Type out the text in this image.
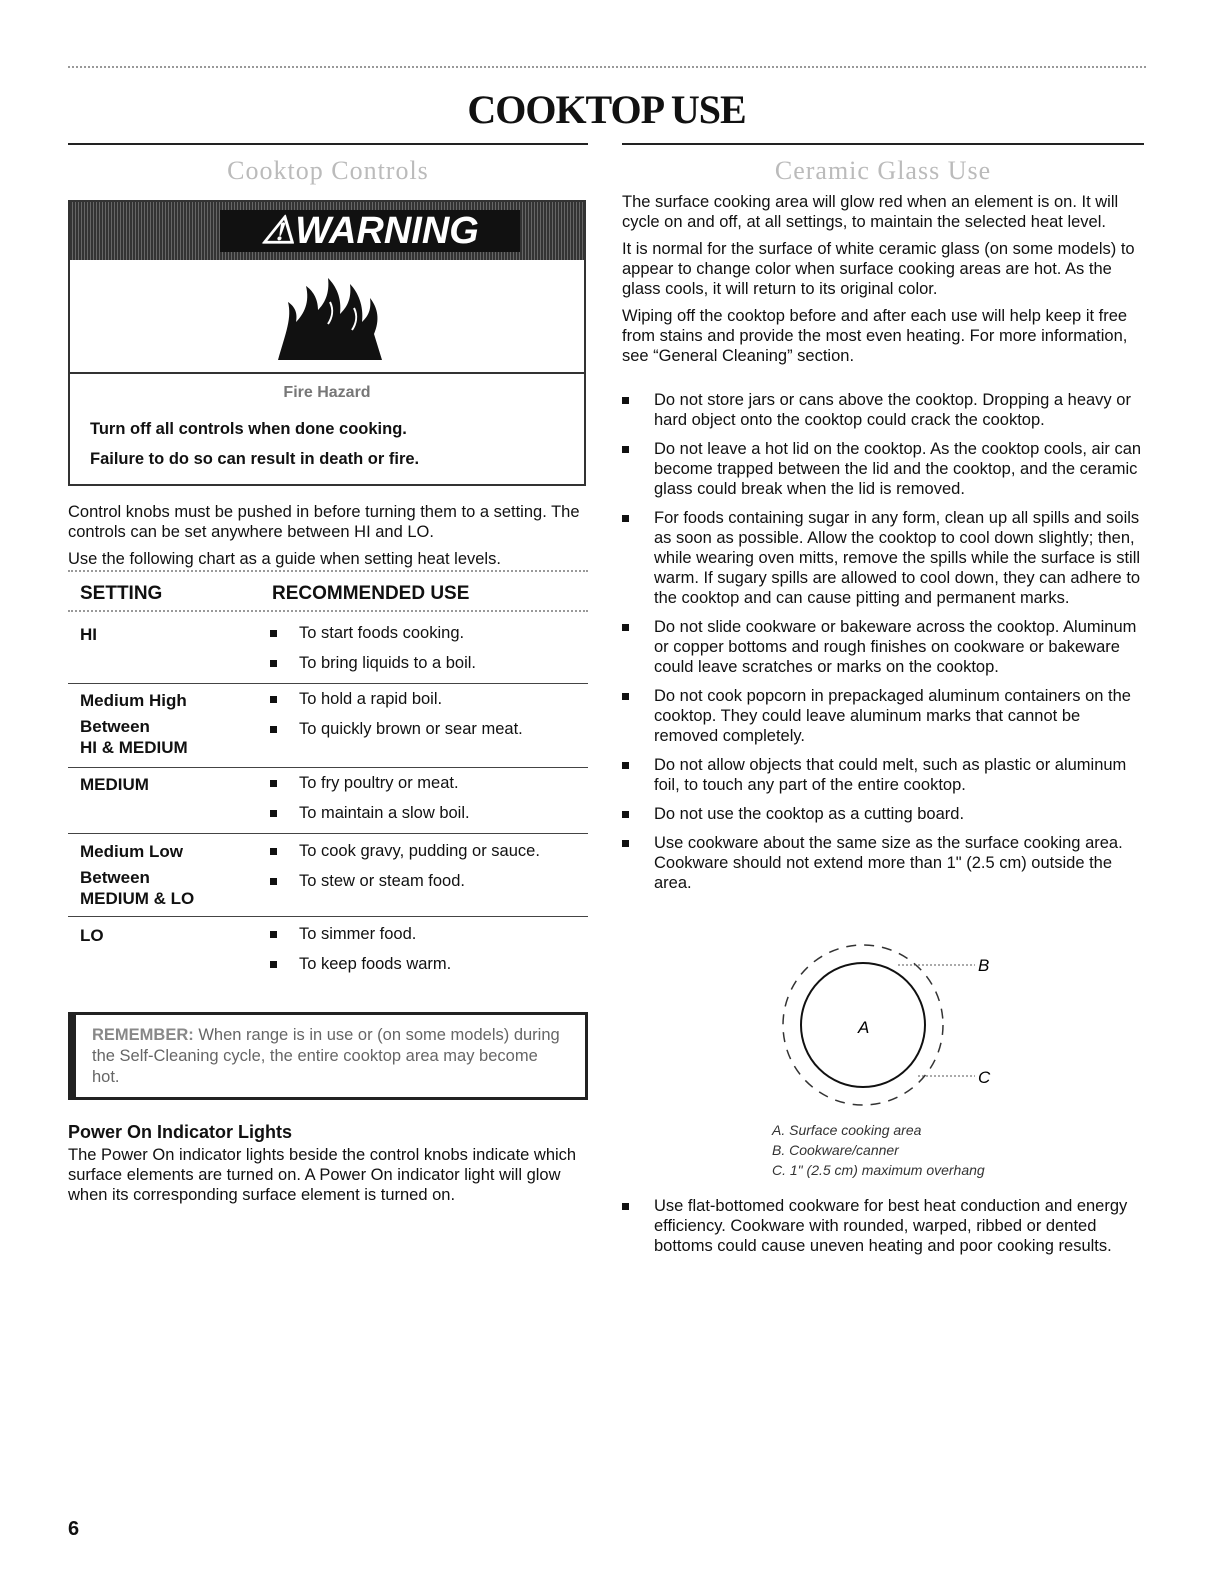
COOKTOP USE
Cooktop Controls
⚠WARNING
Fire Hazard
Turn off all controls when done cooking.
Failure to do so can result in death or fire.

Control knobs must be pushed in before turning them to a setting. The controls can be set anywhere between HI and LO.

Use the following chart as a guide when setting heat levels.

SETTING	RECOMMENDED USE
HI	To start foods cooking.
To bring liquids to a boil.
Medium High	To hold a rapid boil.
Between
HI & MEDIUM
To quickly brown or sear meat.
MEDIUM	To fry poultry or meat.
To maintain a slow boil.
Medium Low	To cook gravy, pudding or sauce.
Between
MEDIUM & LO
To stew or steam food.
LO	To simmer food.
To keep foods warm.
REMEMBER: When range is in use or (on some models) during the Self-Cleaning cycle, the entire cooktop area may become hot.
Power On Indicator Lights
The Power On indicator lights beside the control knobs indicate which surface elements are turned on. A Power On indicator light will glow when its corresponding surface element is turned on.
6
Ceramic Glass Use

The surface cooking area will glow red when an element is on. It will cycle on and off, at all settings, to maintain the selected heat level.

It is normal for the surface of white ceramic glass (on some models) to appear to change color when surface cooking areas are hot. As the glass cools, it will return to its original color.

Wiping off the cooktop before and after each use will help keep it free from stains and provide the most even heating. For more information, see “General Cleaning” section.

Do not store jars or cans above the cooktop. Dropping a heavy or hard object onto the cooktop could crack the cooktop.
Do not leave a hot lid on the cooktop. As the cooktop cools, air can become trapped between the lid and the cooktop, and the ceramic glass could break when the lid is removed.
For foods containing sugar in any form, clean up all spills and soils as soon as possible. Allow the cooktop to cool down slightly; then, while wearing oven mitts, remove the spills while the surface is still warm. If sugary spills are allowed to cool down, they can adhere to the cooktop and can cause pitting and permanent marks.
Do not slide cookware or bakeware across the cooktop. Aluminum or copper bottoms and rough finishes on cookware or bakeware could leave scratches or marks on the cooktop.
Do not cook popcorn in prepackaged aluminum containers on the cooktop. They could leave aluminum marks that cannot be removed completely.
Do not allow objects that could melt, such as plastic or aluminum foil, to touch any part of the entire cooktop.
Do not use the cooktop as a cutting board.
Use cookware about the same size as the surface cooking area. Cookware should not extend more than 1" (2.5 cm) outside the area.
A
B
C
A. Surface cooking area
B. Cookware/canner
C. 1" (2.5 cm) maximum overhang
Use flat-bottomed cookware for best heat conduction and energy efficiency. Cookware with rounded, warped, ribbed or dented bottoms could cause uneven heating and poor cooking results.
